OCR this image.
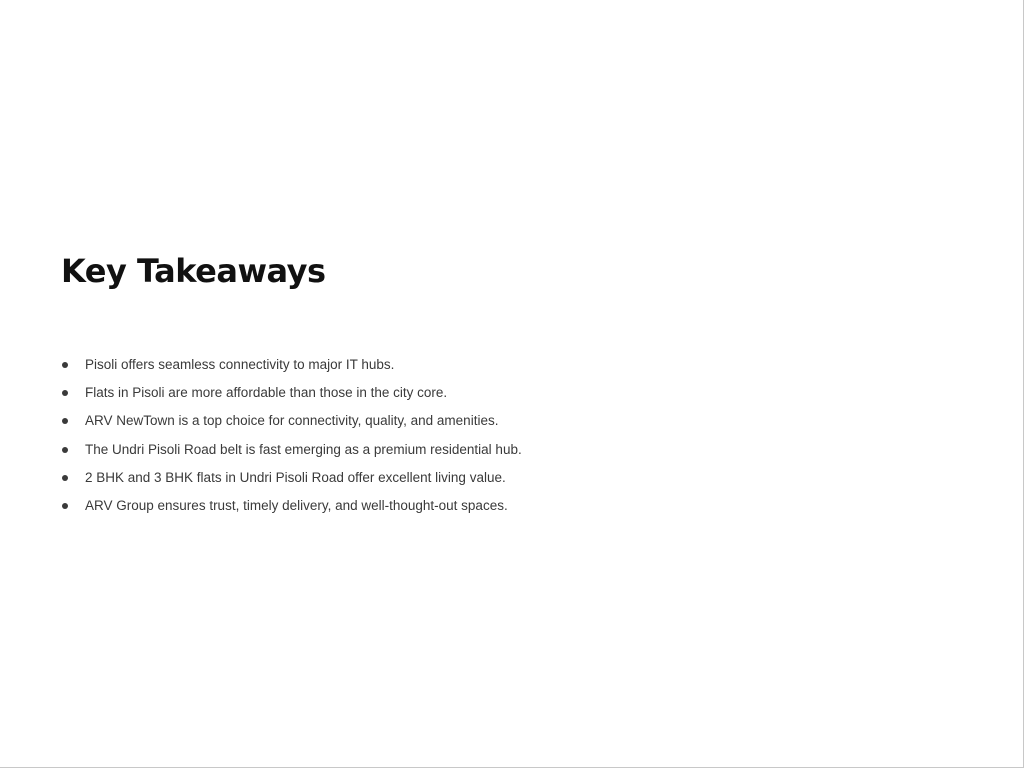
Key Takeaways
Pisoli offers seamless connectivity to major IT hubs.
Flats in Pisoli are more affordable than those in the city core.
ARV NewTown is a top choice for connectivity, quality, and amenities.
The Undri Pisoli Road belt is fast emerging as a premium residential hub.
2 BHK and 3 BHK flats in Undri Pisoli Road offer excellent living value.
ARV Group ensures trust, timely delivery, and well-thought-out spaces.
